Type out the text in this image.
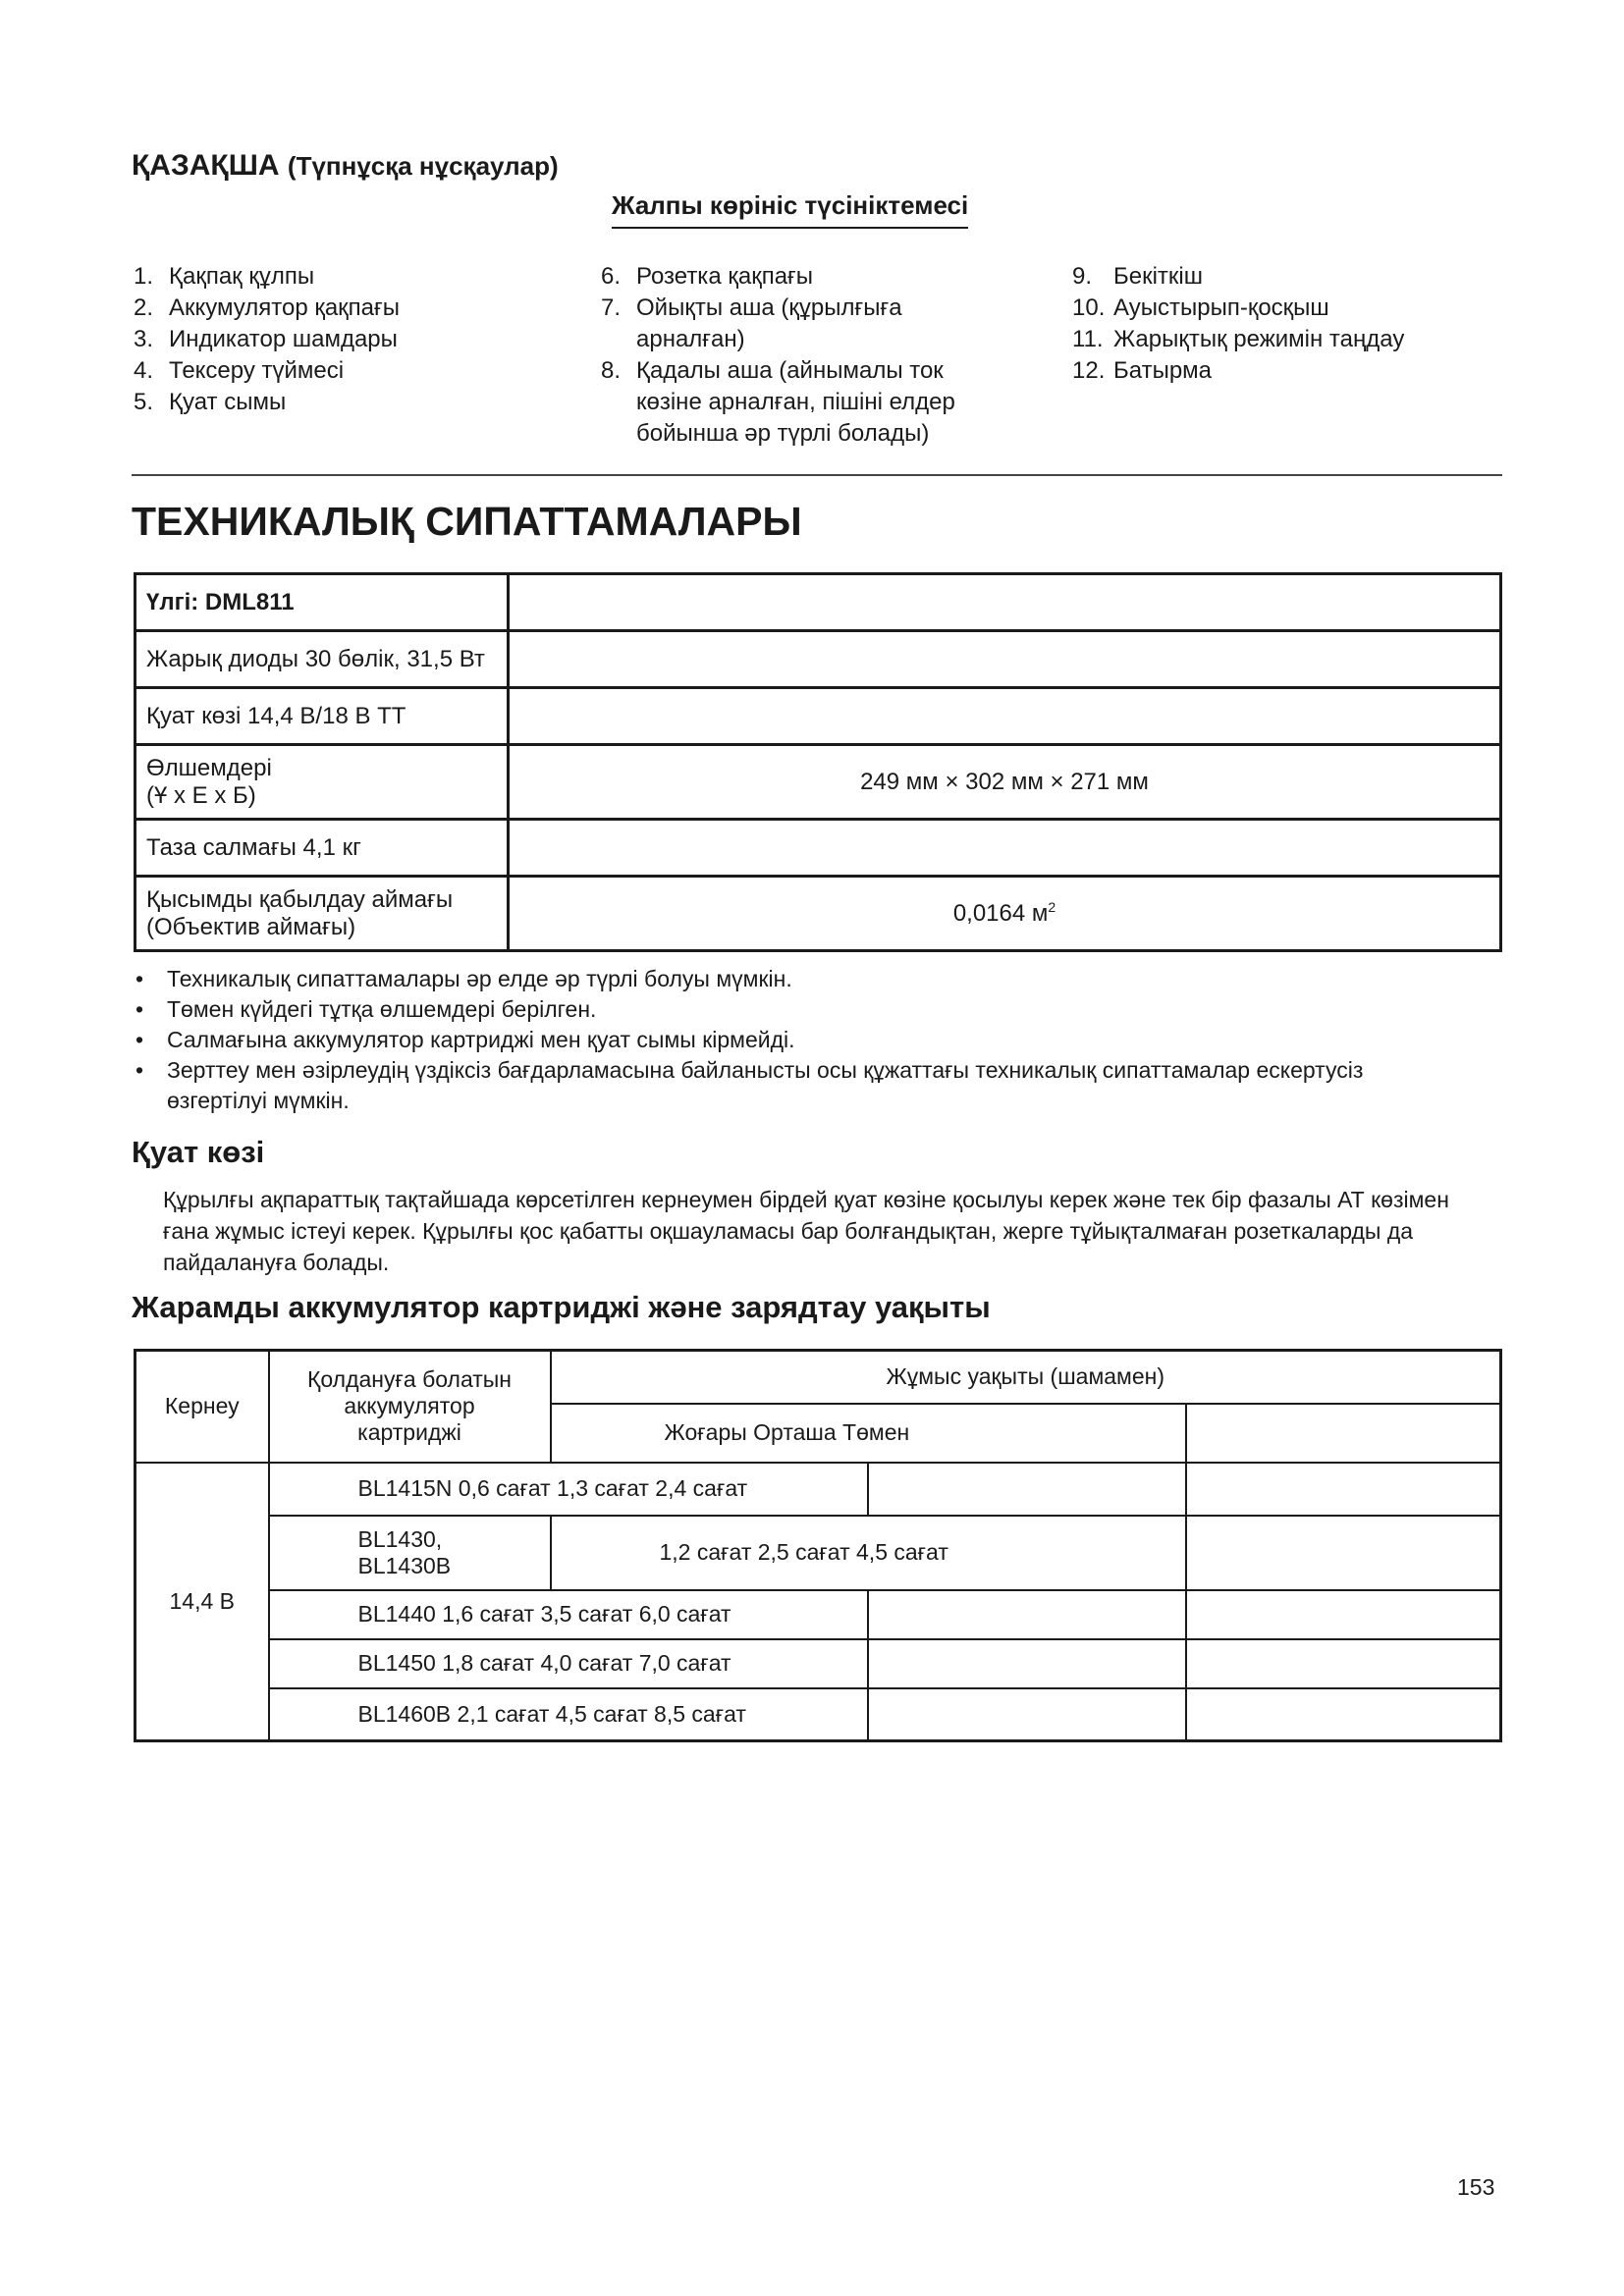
ҚАЗАҚША (Түпнұсқа нұсқаулар)
Жалпы көрініс түсініктемесі
1. Қақпақ құлпы
2. Аккумулятор қақпағы
3. Индикатор шамдары
4. Тексеру түймесі
5. Қуат сымы
6. Розетка қақпағы
7. Ойықты аша (құрылғыға
арналған)
8. Қадалы аша (айнымалы ток
көзіне арналған, пішіні елдер
бойынша әр түрлі болады)
9. Бекіткіш
10. Ауыстырып-қосқыш
11. Жарықтық режимін таңдау
12. Батырма
ТЕХНИКАЛЫҚ СИПАТТАМАЛАРЫ
Үлгі: DML811	
Жарық диоды 30 бөлік, 31,5 Вт	
Қуат көзі 14,4 В/18 В ТТ	

Өлшемдері
(Ұ x Е x Б)	249 мм × 302 мм × 271 мм
Таза салмағы 4,1 кг	

Қысымды қабылдау аймағы
(Объектив аймағы)	0,0164 $м^2$
• Техникалық сипаттамалары әр елде әр түрлі болуы мүмкін.
• Төмен күйдегі тұтқа өлшемдері берілген.
• Салмағына аккумулятор картриджі мен қуат сымы кірмейді.
• Зерттеу мен әзірлеудің үздіксіз бағдарламасына байланысты осы құжаттағы техникалық сипаттамалар ескертусіз өзгертілуі мүмкін.
Қуат көзі
Құрылғы ақпараттық тақтайшада көрсетілген кернеумен бірдей қуат көзіне қосылуы керек және тек бір фазалы АТ көзімен ғана жұмыс істеуі керек. Құрылғы қос қабатты оқшауламасы бар болғандықтан, жерге тұйықталмаған розеткаларды да пайдалануға болады.
Жарамды аккумулятор картриджі және зарядтау уақыты
Кернеу	Қолдануға болатын
аккумулятор
картриджі	Жұмыс уақыты (шамамен)		
		Жоғары Орташа Төмен		
14,4 В	BL1415N 0,6 сағат 1,3 сағат 2,4 сағат			

	BL1430,
BL1430B	1,2 сағат 2,5 сағат 4,5 сағат		
	BL1440 1,6 сағат 3,5 сағат 6,0 сағат			
	BL1450 1,8 сағат 4,0 сағат 7,0 сағат			
	BL1460B 2,1 сағат 4,5 сағат 8,5 сағат			
153
